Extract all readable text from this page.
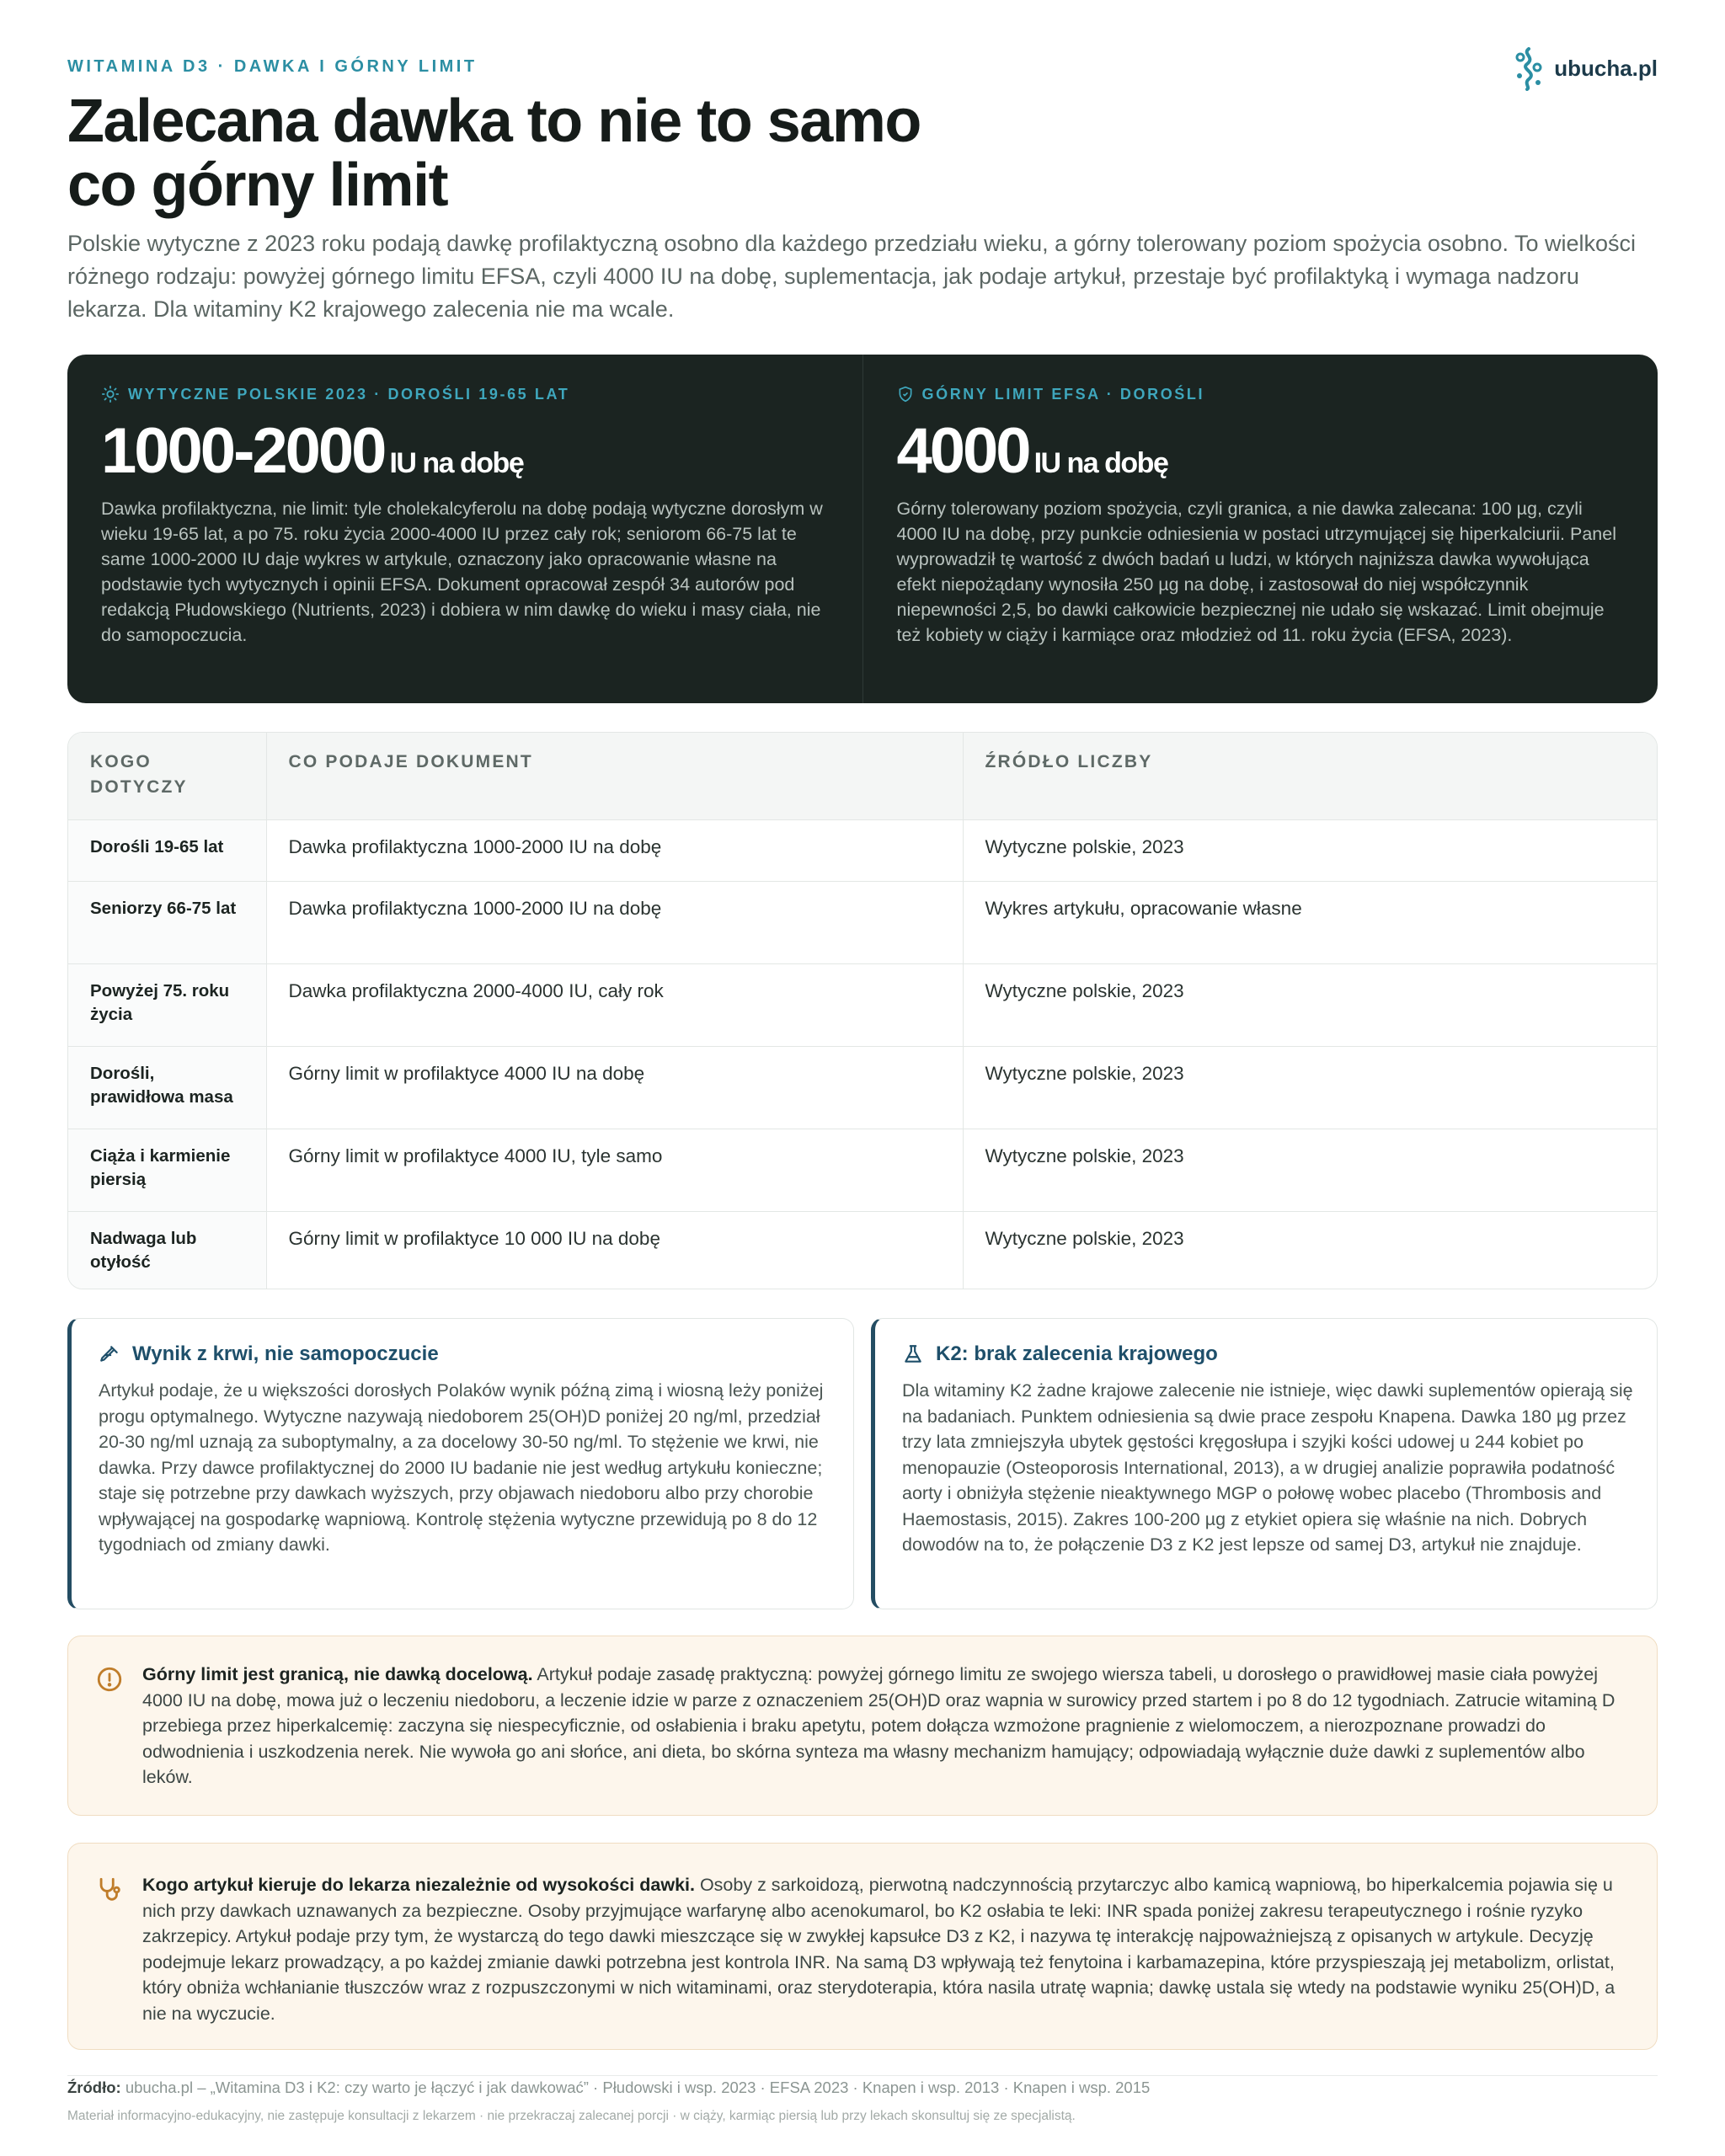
WITAMINA D3 · DAWKA I GÓRNY LIMIT	ubucha.pl
Zalecana dawka to nie to samo co górny limit

Polskie wytyczne z 2023 roku podają dawkę profilaktyczną osobno dla każdego przedziału wieku, a górny tolerowany poziom spożycia osobno. To wielkości różnego rodzaju: powyżej górnego limitu EFSA, czyli 4000 IU na dobę, suplementacja, jak podaje artykuł, przestaje być profilaktyką i wymaga nadzoru lekarza. Dla witaminy K2 krajowego zalecenia nie ma wcale.

WYTYCZNE POLSKIE 2023 · DOROŚLI 19-65 LAT
1000-2000 IU na dobę

Dawka profilaktyczna, nie limit: tyle cholekalcyferolu na dobę podają wytyczne dorosłym w wieku 19-65 lat, a po 75. roku życia 2000-4000 IU przez cały rok; seniorom 66-75 lat te same 1000-2000 IU daje wykres w artykule, oznaczony jako opracowanie własne na podstawie tych wytycznych i opinii EFSA. Dokument opracował zespół 34 autorów pod redakcją Płudowskiego (Nutrients, 2023) i dobiera w nim dawkę do wieku i masy ciała, nie do samopoczucia.

GÓRNY LIMIT EFSA · DOROŚLI
4000 IU na dobę

Górny tolerowany poziom spożycia, czyli granica, a nie dawka zalecana: 100 µg, czyli 4000 IU na dobę, przy punkcie odniesienia w postaci utrzymującej się hiperkalciurii. Panel wyprowadził tę wartość z dwóch badań u ludzi, w których najniższa dawka wywołująca efekt niepożądany wynosiła 250 µg na dobę, i zastosował do niej współczynnik niepewności 2,5, bo dawki całkowicie bezpiecznej nie udało się wskazać. Limit obejmuje też kobiety w ciąży i karmiące oraz młodzież od 11. roku życia (EFSA, 2023).

KOGO DOTYCZY	CO PODAJE DOKUMENT	ŹRÓDŁO LICZBY
Dorośli 19-65 lat	Dawka profilaktyczna 1000-2000 IU na dobę	Wytyczne polskie, 2023
Seniorzy 66-75 lat	Dawka profilaktyczna 1000-2000 IU na dobę	Wykres artykułu, opracowanie własne
Powyżej 75. roku życia	Dawka profilaktyczna 2000-4000 IU, cały rok	Wytyczne polskie, 2023
Dorośli, prawidłowa masa	Górny limit w profilaktyce 4000 IU na dobę	Wytyczne polskie, 2023
Ciąża i karmienie piersią	Górny limit w profilaktyce 4000 IU, tyle samo	Wytyczne polskie, 2023
Nadwaga lub otyłość	Górny limit w profilaktyce 10 000 IU na dobę	Wytyczne polskie, 2023
Wynik z krwi, nie samopoczucie

Artykuł podaje, że u większości dorosłych Polaków wynik późną zimą i wiosną leży poniżej progu optymalnego. Wytyczne nazywają niedoborem 25(OH)D poniżej 20 ng/ml, przedział 20-30 ng/ml uznają za suboptymalny, a za docelowy 30-50 ng/ml. To stężenie we krwi, nie dawka. Przy dawce profilaktycznej do 2000 IU badanie nie jest według artykułu konieczne; staje się potrzebne przy dawkach wyższych, przy objawach niedoboru albo przy chorobie wpływającej na gospodarkę wapniową. Kontrolę stężenia wytyczne przewidują po 8 do 12 tygodniach od zmiany dawki.

K2: brak zalecenia krajowego

Dla witaminy K2 żadne krajowe zalecenie nie istnieje, więc dawki suplementów opierają się na badaniach. Punktem odniesienia są dwie prace zespołu Knapena. Dawka 180 µg przez trzy lata zmniejszyła ubytek gęstości kręgosłupa i szyjki kości udowej u 244 kobiet po menopauzie (Osteoporosis International, 2013), a w drugiej analizie poprawiła podatność aorty i obniżyła stężenie nieaktywnego MGP o połowę wobec placebo (Thrombosis and Haemostasis, 2015). Zakres 100-200 µg z etykiet opiera się właśnie na nich. Dobrych dowodów na to, że połączenie D3 z K2 jest lepsze od samej D3, artykuł nie znajduje.

Górny limit jest granicą, nie dawką docelową. Artykuł podaje zasadę praktyczną: powyżej górnego limitu ze swojego wiersza tabeli, u dorosłego o prawidłowej masie ciała powyżej 4000 IU na dobę, mowa już o leczeniu niedoboru, a leczenie idzie w parze z oznaczeniem 25(OH)D oraz wapnia w surowicy przed startem i po 8 do 12 tygodniach. Zatrucie witaminą D przebiega przez hiperkalcemię: zaczyna się niespecyficznie, od osłabienia i braku apetytu, potem dołącza wzmożone pragnienie z wielomoczem, a nierozpoznane prowadzi do odwodnienia i uszkodzenia nerek. Nie wywoła go ani słońce, ani dieta, bo skórna synteza ma własny mechanizm hamujący; odpowiadają wyłącznie duże dawki z suplementów albo leków.

Kogo artykuł kieruje do lekarza niezależnie od wysokości dawki. Osoby z sarkoidozą, pierwotną nadczynnością przytarczyc albo kamicą wapniową, bo hiperkalcemia pojawia się u nich przy dawkach uznawanych za bezpieczne. Osoby przyjmujące warfarynę albo acenokumarol, bo K2 osłabia te leki: INR spada poniżej zakresu terapeutycznego i rośnie ryzyko zakrzepicy. Artykuł podaje przy tym, że wystarczą do tego dawki mieszczące się w zwykłej kapsułce D3 z K2, i nazywa tę interakcję najpoważniejszą z opisanych w artykule. Decyzję podejmuje lekarz prowadzący, a po każdej zmianie dawki potrzebna jest kontrola INR. Na samą D3 wpływają też fenytoina i karbamazepina, które przyspieszają jej metabolizm, orlistat, który obniża wchłanianie tłuszczów wraz z rozpuszczonymi w nich witaminami, oraz sterydoterapia, która nasila utratę wapnia; dawkę ustala się wtedy na podstawie wyniku 25(OH)D, a nie na wyczucie.

Źródło: ubucha.pl – „Witamina D3 i K2: czy warto je łączyć i jak dawkować” · Płudowski i wsp. 2023 · EFSA 2023 · Knapen i wsp. 2013 · Knapen i wsp. 2015

Materiał informacyjno-edukacyjny, nie zastępuje konsultacji z lekarzem · nie przekraczaj zalecanej porcji · w ciąży, karmiąc piersią lub przy lekach skonsultuj się ze specjalistą.
